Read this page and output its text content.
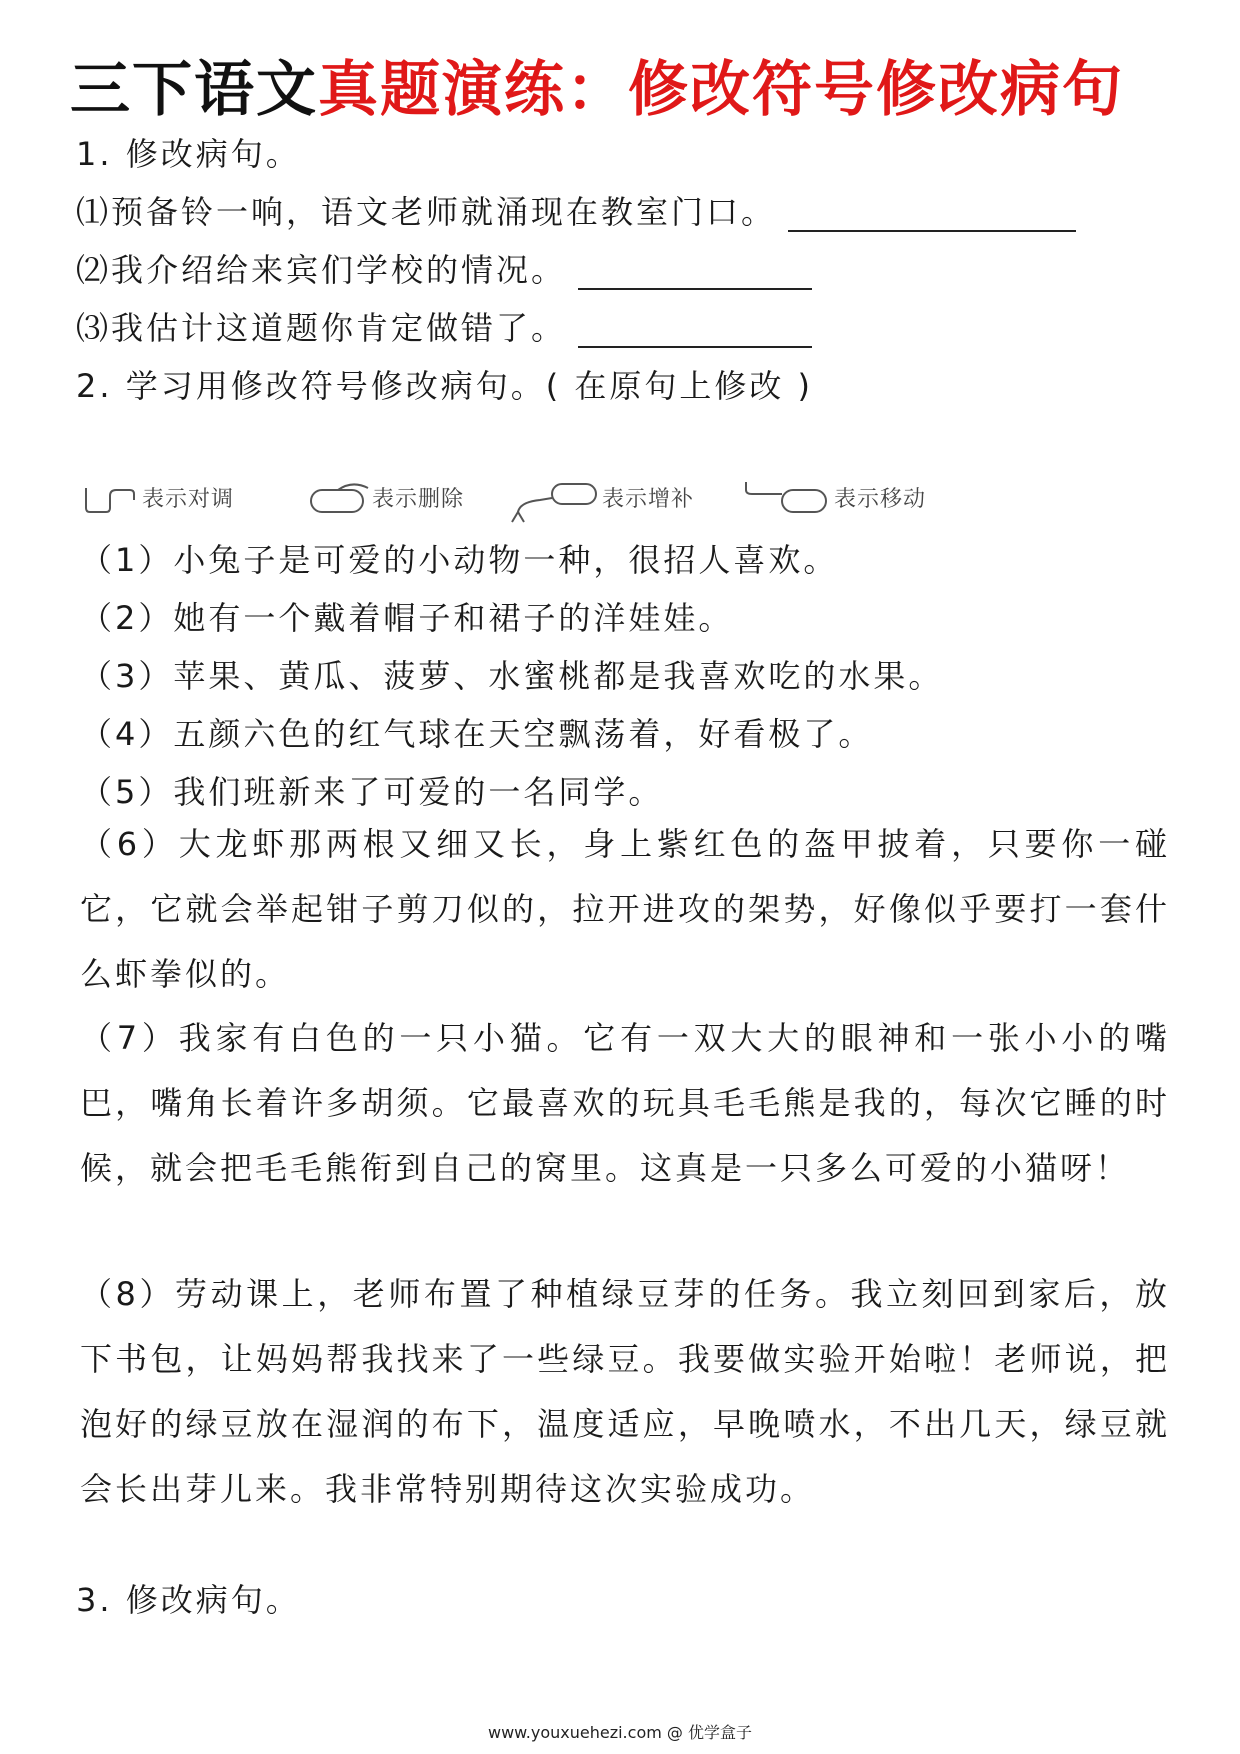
三下语文真题演练：修改符号修改病句
1. 修改病句。
⑴预备铃一响，语文老师就涌现在教室门口。
⑵我介绍给来宾们学校的情况。
⑶我估计这道题你肯定做错了。
2. 学习用修改符号修改病句。( 在原句上修改 )
表示对调	表示删除	表示增补	表示移动
（1）小兔子是可爱的小动物一种，很招人喜欢。
（2）她有一个戴着帽子和裙子的洋娃娃。
（3）苹果、黄瓜、菠萝、水蜜桃都是我喜欢吃的水果。
（4）五颜六色的红气球在天空飘荡着，好看极了。
（5）我们班新来了可爱的一名同学。
（6）大龙虾那两根又细又长，身上紫红色的盔甲披着，只要你一碰它，它就会举起钳子剪刀似的，拉开进攻的架势，好像似乎要打一套什么虾拳似的。
（7）我家有白色的一只小猫。它有一双大大的眼神和一张小小的嘴巴，嘴角长着许多胡须。它最喜欢的玩具毛毛熊是我的，每次它睡的时候，就会把毛毛熊衔到自己的窝里。这真是一只多么可爱的小猫呀！
（8）劳动课上，老师布置了种植绿豆芽的任务。我立刻回到家后，放下书包，让妈妈帮我找来了一些绿豆。我要做实验开始啦！老师说，把泡好的绿豆放在湿润的布下，温度适应，早晚喷水，不出几天，绿豆就会长出芽儿来。我非常特别期待这次实验成功。
3. 修改病句。
www.youxuehezi.com @ 优学盒子
